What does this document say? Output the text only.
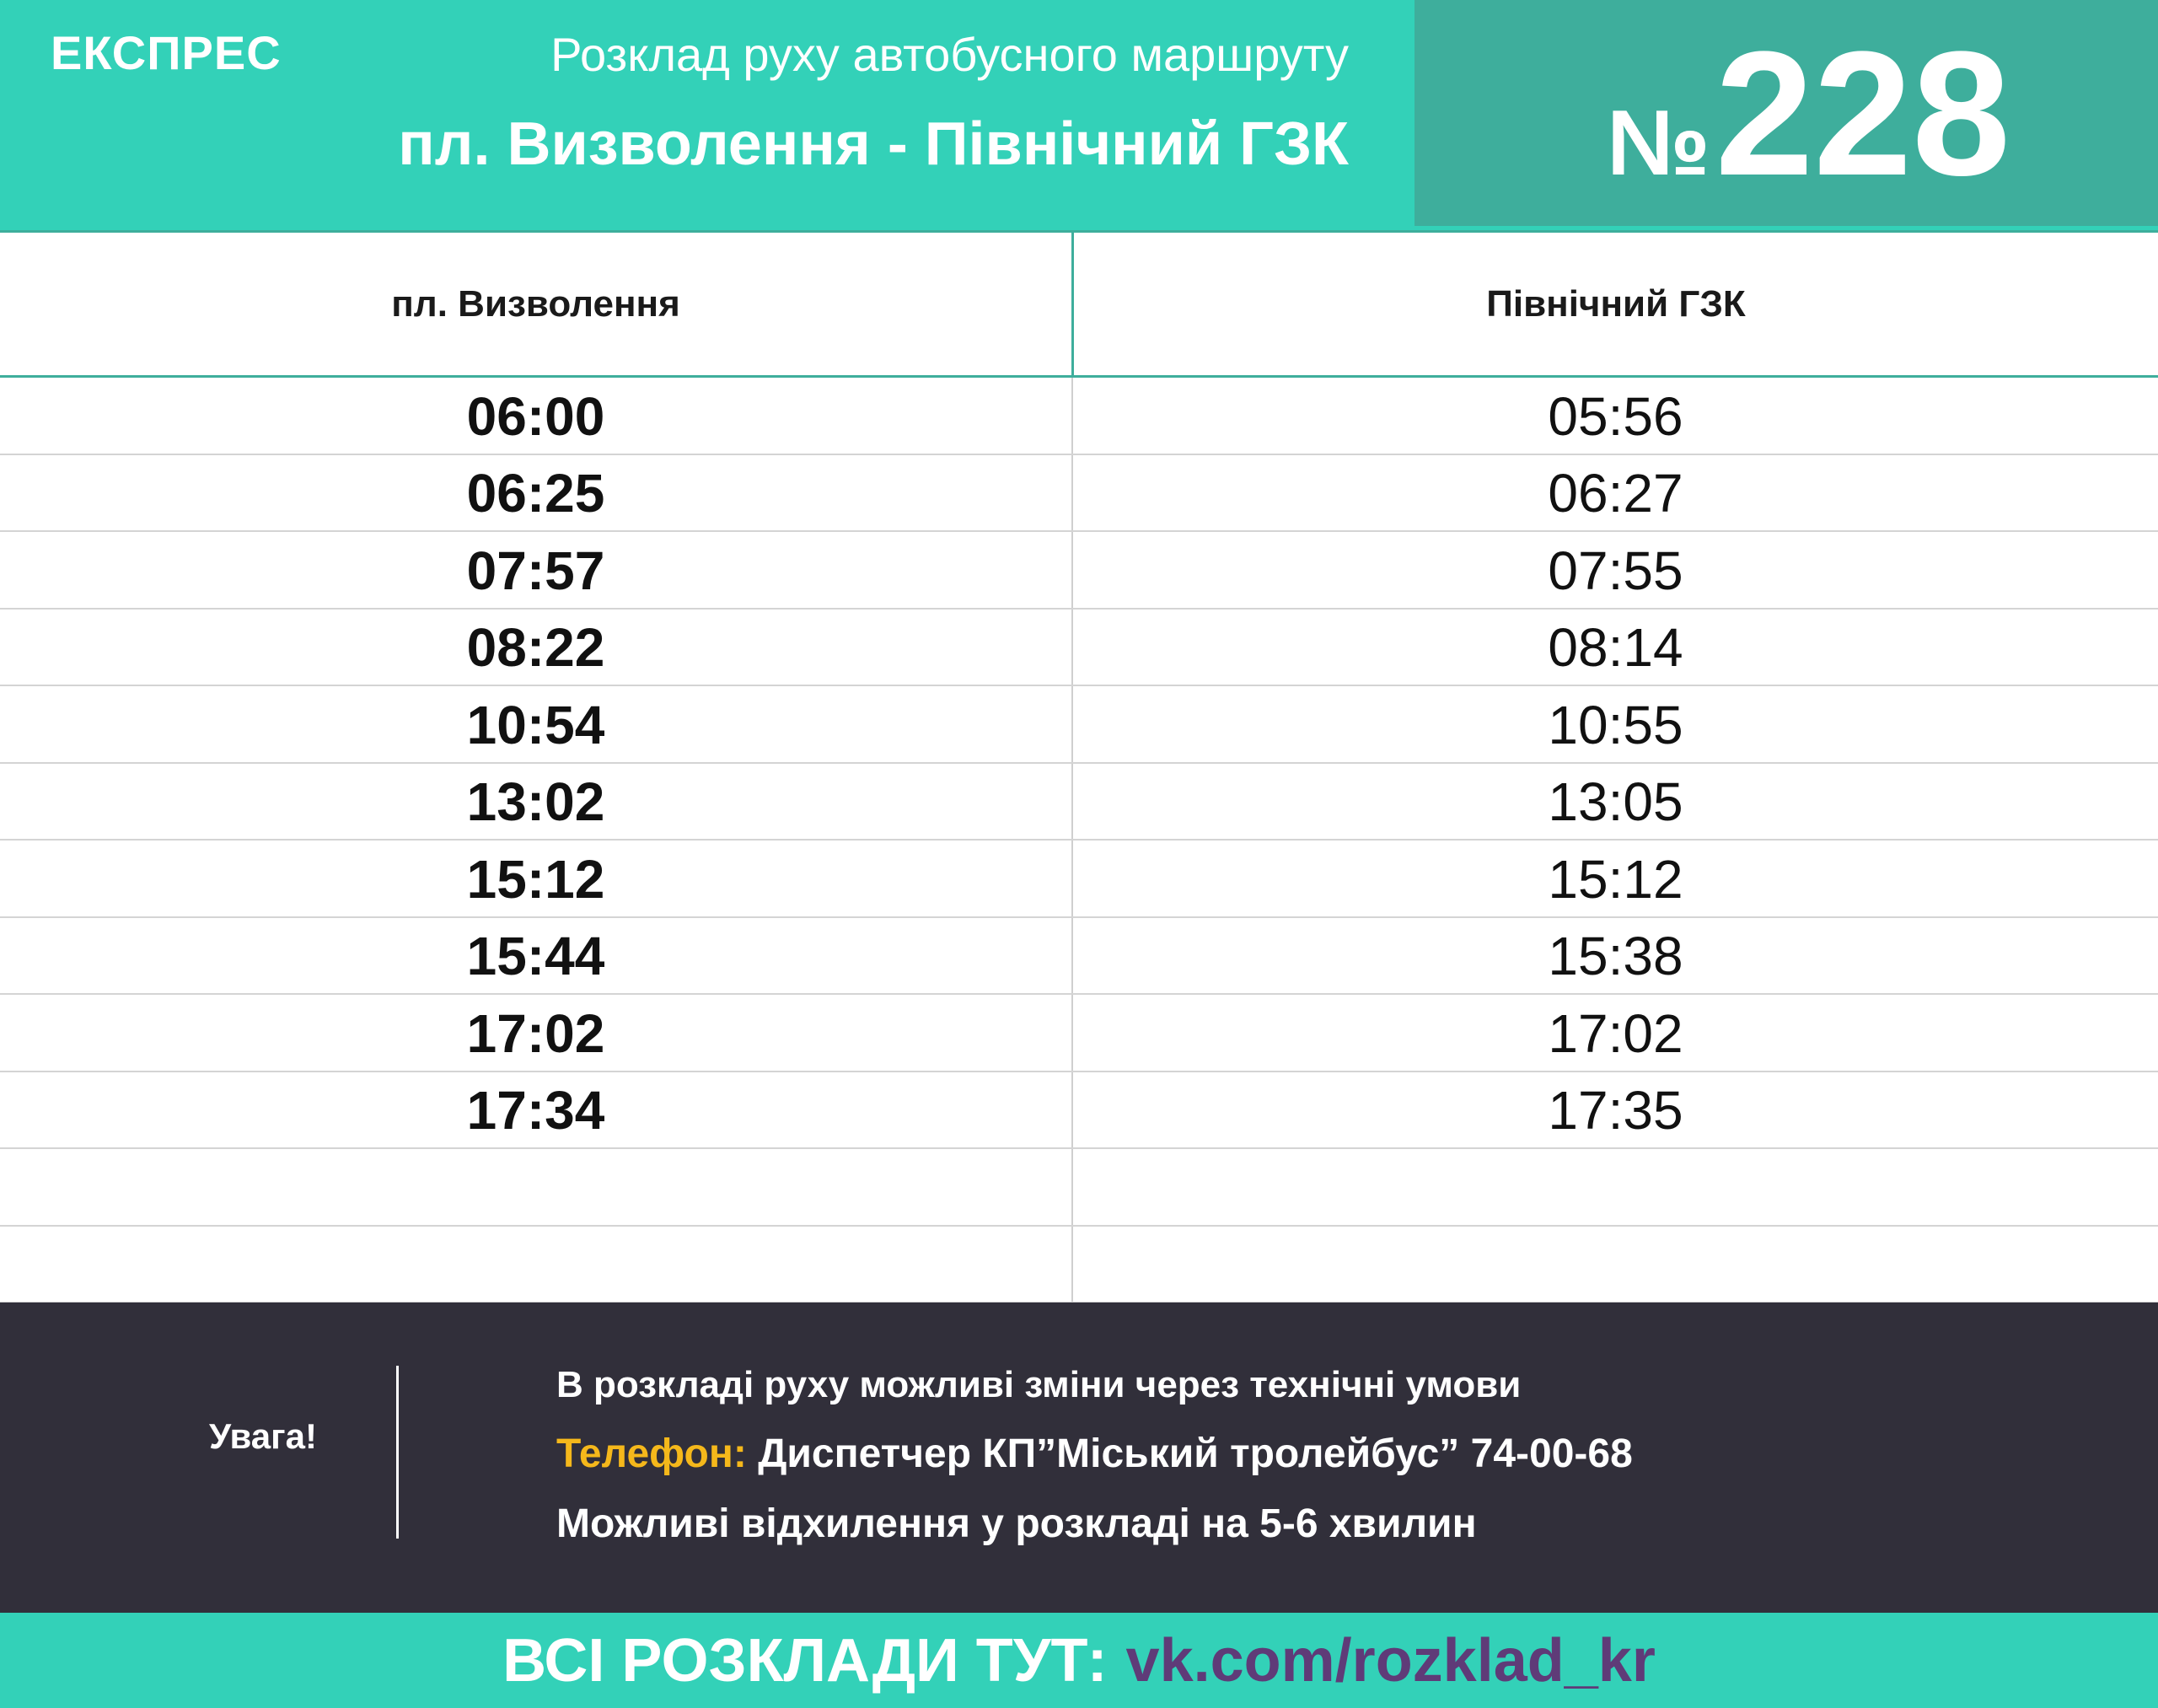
ЕКСПРЕС	Розклад руху автобусного маршруту
пл. Визволення - Північний ГЗК	№ 228
пл. Визволення	Північний ГЗК
06:00	05:56
06:25	06:27
07:57	07:55
08:22	08:14
10:54	10:55
13:02	13:05
15:12	15:12
15:44	15:38
17:02	17:02
17:34	17:35
Увага!
В розкладі руху можливі зміни через технічні умови
Телефон: Диспетчер КП”Міський тролейбус” 74-00-68
Можливі відхилення у розкладі на 5-6 хвилин
ВСІ РОЗКЛАДИ ТУТ: vk.com/rozklad_kr
